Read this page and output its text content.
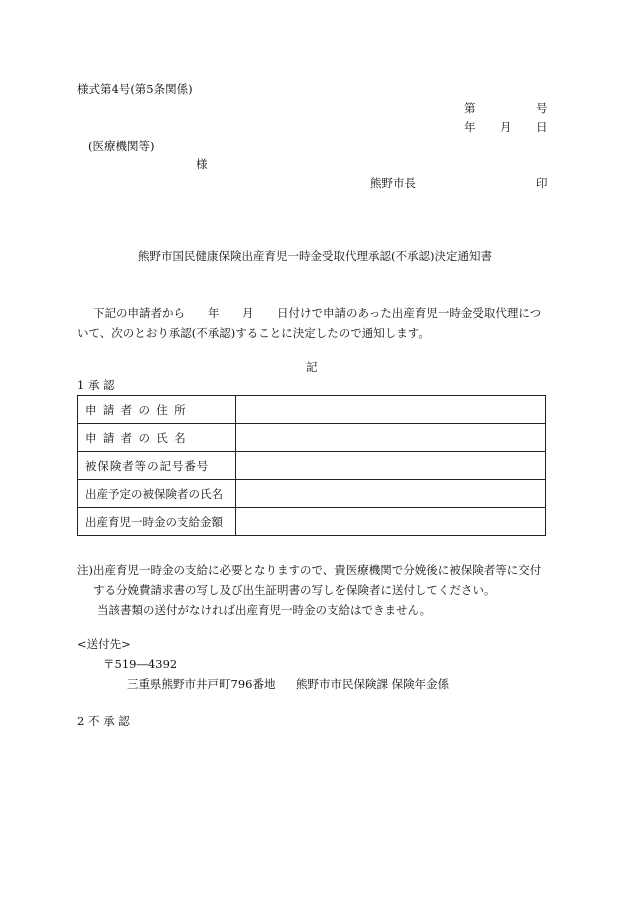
様式第4号(第5条関係)
第	号
年 月 日
(医療機関等)
様
熊野市長	印
熊野市国民健康保険出産育児一時金受取代理承認(不承認)決定通知書
下記の申請者から 年 月 日付けで申請のあった出産育児一時金受取代理につ
いて、次のとおり承認(不承認)することに決定したので通知します。
記
1 承 認
申請者の住所	
申請者の氏名	
被保険者等の記号番号	
出産予定の被保険者の氏名	
出産育児一時金の支給金額	
注)出産育児一時金の支給に必要となりますので、貴医療機関で分娩後に被保険者等に交付
する分娩費請求書の写し及び出生証明書の写しを保険者に送付してください。
当該書類の送付がなければ出産育児一時金の支給はできません。
<送付先>
〒519―4392
三重県熊野市井戸町796番地 熊野市市民保険課 保険年金係
2 不 承 認
